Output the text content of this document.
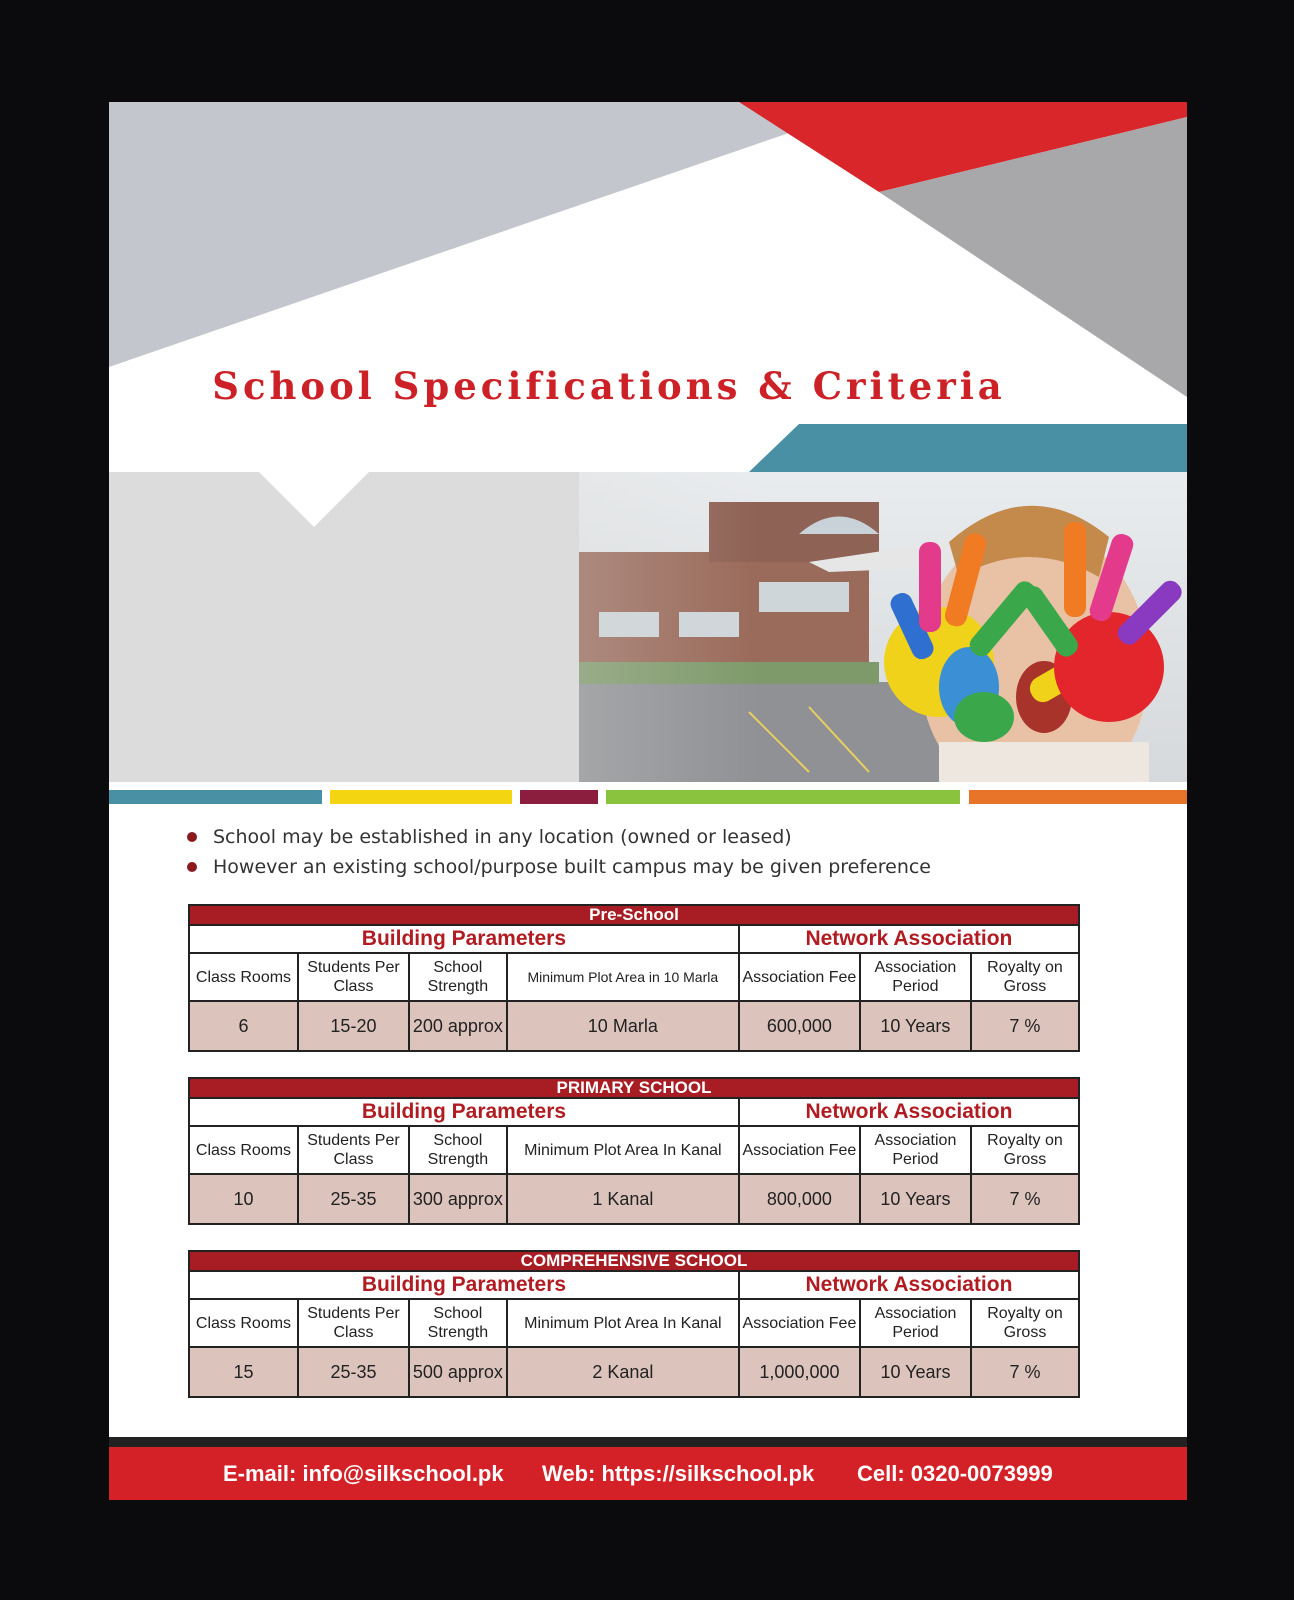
School Specifications & Criteria
School may be established in any location (owned or leased)
However an existing school/purpose built campus may be given preference
Pre-School						
Building Parameters				Network Association		
Class Rooms	Students Per Class	School Strength	Minimum Plot Area in 10 Marla	Association Fee	Association Period	Royalty on Gross
6	15-20	200 approx	10 Marla	600,000	10 Years	7 %
PRIMARY SCHOOL						
Building Parameters				Network Association		
Class Rooms	Students Per Class	School Strength	Minimum Plot Area In Kanal	Association Fee	Association Period	Royalty on Gross
10	25-35	300 approx	1 Kanal	800,000	10 Years	7 %
COMPREHENSIVE SCHOOL						
Building Parameters				Network Association		
Class Rooms	Students Per Class	School Strength	Minimum Plot Area In Kanal	Association Fee	Association Period	Royalty on Gross
15	25-35	500 approx	2 Kanal	1,000,000	10 Years	7 %
E-mail: info@silkschool.pk Web: https://silkschool.pk Cell: 0320-0073999
